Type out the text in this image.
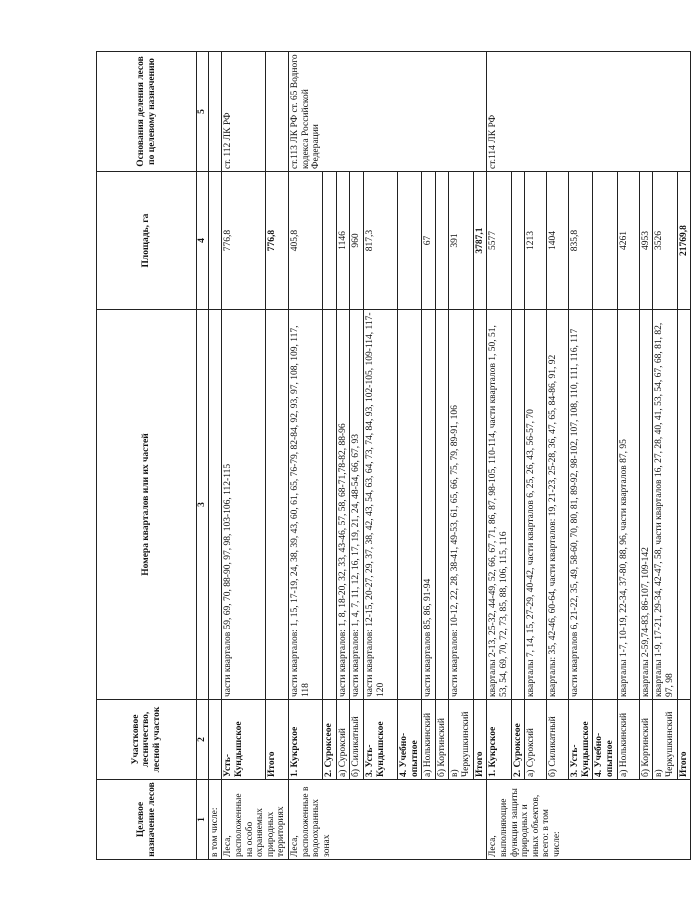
Целевое назначение лесов	Участковое лесничество, лесной участок	Номера кварталов или их частей	Площадь, га	Основания деления лесов по целевому назначению
1	2	3	4	5
в том числе:				
Леса, расположенные на особо охраняемых природных территориях	Усть-Кундышское	части кварталов 59, 69, 70, 88-90, 97, 98, 103-106, 112-115	776,8	ст. 112 ЛК РФ
	Итого		776,8	
Леса, расположенные в водоохранных зонах	1. Кукрское	части кварталов: 1, 15, 17-19, 24, 38, 39, 43, 60, 61, 65, 76-79, 82-84, 92, 93, 97, 108, 109, 117, 118	405,8	ст.113 ЛК РФ ст. 65 Водного кодекса Российской Федерации
	2. Суроксеое			
	а) Суроксий	части кварталов: 1, 8, 18-20, 32, 33, 43-46, 57, 58, 68-71,78-82, 88-96	1146	
	б) Силикатный	части кварталов: 1, 4, 7, 11, 12, 16, 17, 19, 21, 24, 48-54, 66, 67, 93	960	
	3. Усть- Кундышское	части кварталов: 12-15, 20-27, 29, 37, 38, 42, 43, 54, 63, 64, 73, 74, 84, 93, 102-105, 109-114, 117-120	817,3	
	4. Учебно-опытное			
	а) Нолькинский	части кварталов 85, 86, 91-94	67	
	б) Кортинский			
	в) Черкушкинский	части кварталов: 10-12, 22, 28, 38-41, 49-53, 61, 65, 66, 75, 79, 89-91, 106	391	
	Итого		3787,1	
Леса, выполняющие функции защиты природных и иных объектов, всего: в том числе:	1. Кукрское	кварталы 2-13, 25-32, 44-49, 52, 66, 67, 71, 86, 87, 98-105, 110-114, части кварталов 1, 50, 51, 53, 54, 69, 70, 72, 73, 85, 88, 106, 115, 116	5577	ст.114 ЛК РФ
	2. Суроксеое			
	а) Суроксий	кварталы 7, 14, 15, 27-29, 40-42, части кварталов 6, 25, 26, 43, 56-57, 70	1213	
	б) Силикатный	кварталы: 35, 42-46, 60-64, части кварталов: 19, 21-23, 25-28, 36, 47, 65, 84-86, 91, 92	1404	
	3. Усть-Кундышское	части кварталов 6, 21-22, 35, 49, 58-60, 70, 80, 81, 89-92, 98-102, 107, 108, 110, 111, 116, 117	835,8	
	4. Учебно-опытное			
	а) Нолькинский	кварталы 1-7, 10-19, 22-34, 37-80, 88, 96, части кварталов 87, 95	4261	
	б) Кортинский	кварталы 2-59,74-83, 86-107, 109-142	4953	
	в) Черкушкинский	кварталы 1-9, 17-21, 29-34, 42-47, 58, части кварталов 16, 27, 28, 40, 41, 53, 54, 67, 68, 81, 82, 97, 98	3526	
	Итого		21769,8	
